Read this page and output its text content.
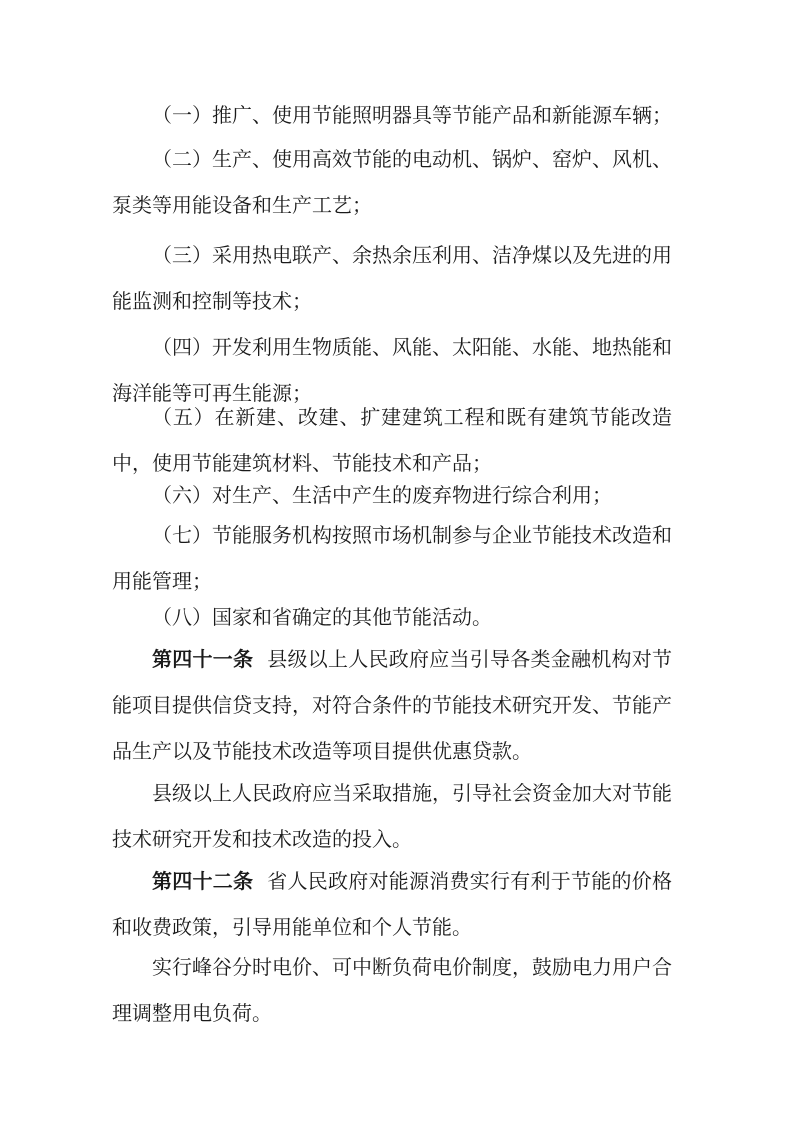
（一）推广、使用节能照明器具等节能产品和新能源车辆；

（二）生产、使用高效节能的电动机、锅炉、窑炉、风机、泵类等用能设备和生产工艺；

（三）采用热电联产、余热余压利用、洁净煤以及先进的用能监测和控制等技术；

（四）开发利用生物质能、风能、太阳能、水能、地热能和海洋能等可再生能源；

（五）在新建、改建、扩建建筑工程和既有建筑节能改造中，使用节能建筑材料、节能技术和产品；

（六）对生产、生活中产生的废弃物进行综合利用；

（七）节能服务机构按照市场机制参与企业节能技术改造和用能管理；

（八）国家和省确定的其他节能活动。

第四十一条 县级以上人民政府应当引导各类金融机构对节能项目提供信贷支持，对符合条件的节能技术研究开发、节能产品生产以及节能技术改造等项目提供优惠贷款。

县级以上人民政府应当采取措施，引导社会资金加大对节能技术研究开发和技术改造的投入。

第四十二条 省人民政府对能源消费实行有利于节能的价格和收费政策，引导用能单位和个人节能。

实行峰谷分时电价、可中断负荷电价制度，鼓励电力用户合理调整用电负荷。
